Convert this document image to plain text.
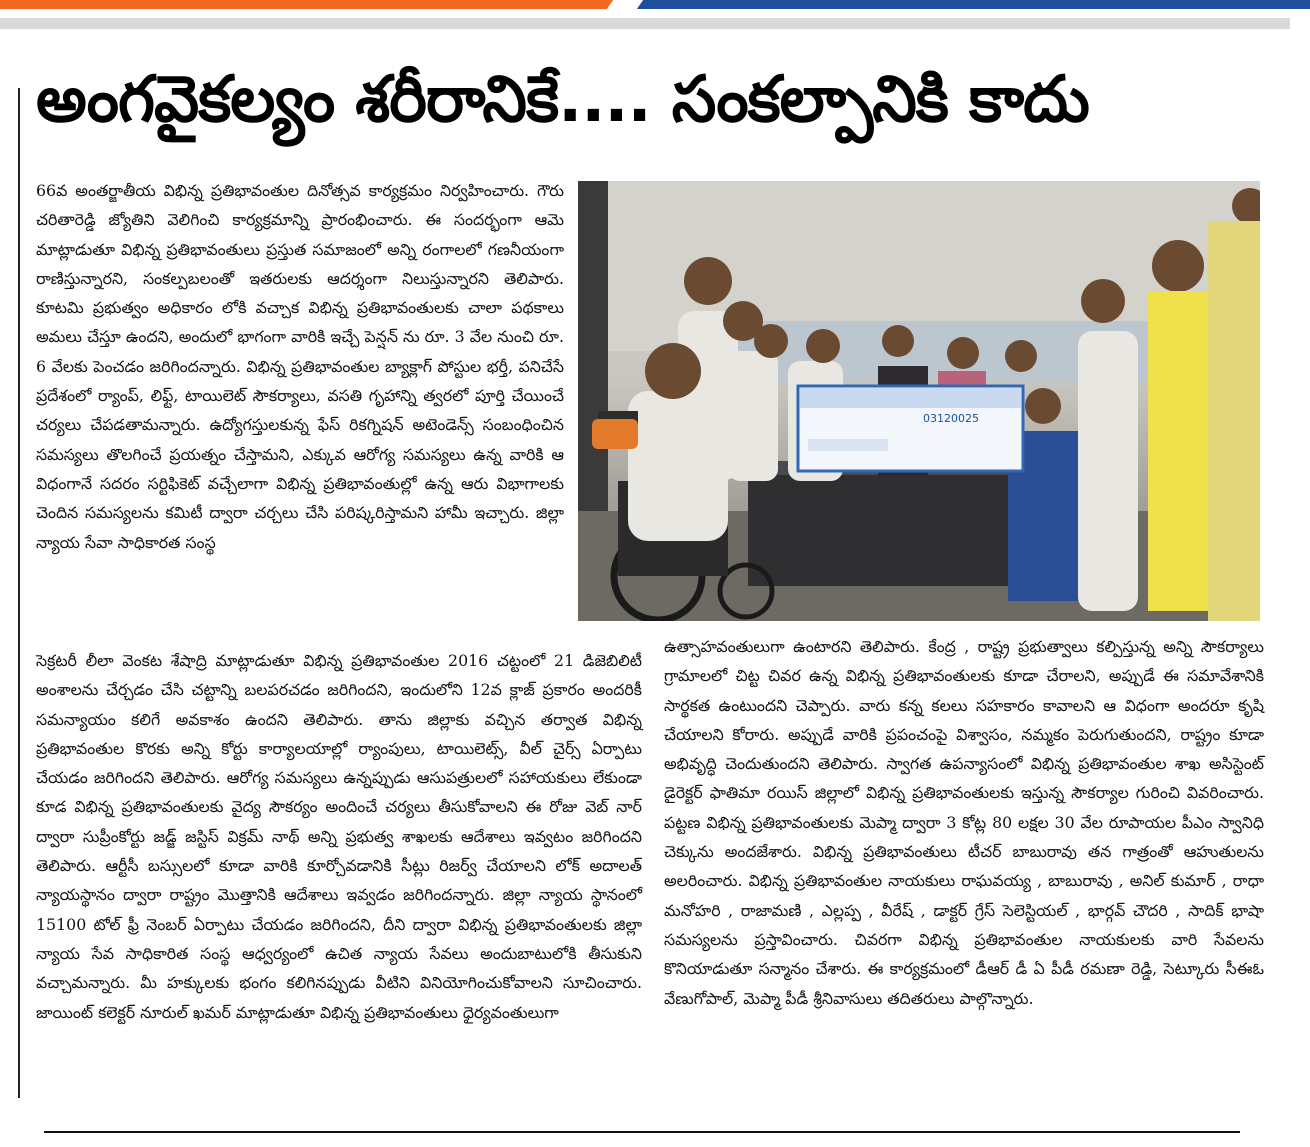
అంగవైకల్యం శరీరానికే.... సంకల్పానికి కాదు
66వ అంతర్జాతీయ విభిన్న ప్రతిభావంతుల దినోత్సవ కార్యక్రమం నిర్వహించారు. గౌరు చరితారెడ్డి జ్యోతిని వెలిగించి కార్యక్రమాన్ని ప్రారంభించారు. ఈ సందర్భంగా ఆమె మాట్లాడుతూ విభిన్న ప్రతిభావంతులు ప్రస్తుత సమాజంలో అన్ని రంగాలలో గణనీయంగా రాణిస్తున్నారని, సంకల్పబలంతో ఇతరులకు ఆదర్శంగా నిలుస్తున్నారని తెలిపారు. కూటమి ప్రభుత్వం అధికారం లోకి వచ్చాక విభిన్న ప్రతిభావంతులకు చాలా పథకాలు అమలు చేస్తూ ఉందని, అందులో భాగంగా వారికి ఇచ్చే పెన్షన్ ను రూ. 3 వేల నుంచి రూ. 6 వేలకు పెంచడం జరిగిందన్నారు. విభిన్న ప్రతిభావంతుల బ్యాక్లాగ్ పోస్టుల భర్తీ, పనిచేసే ప్రదేశంలో ర్యాంప్, లిఫ్ట్, టాయిలెట్ సౌకర్యాలు, వసతి గృహాన్ని త్వరలో పూర్తి చేయించే చర్యలు చేపడతామన్నారు. ఉద్యోగస్తులకున్న ఫేస్ రికగ్నిషన్ అటెండెన్స్ సంబంధించిన సమస్యలు తొలగించే ప్రయత్నం చేస్తామని, ఎక్కువ ఆరోగ్య సమస్యలు ఉన్న వారికి ఆ విధంగానే సదరం సర్టిఫికెట్ వచ్చేలాగా విభిన్న ప్రతిభావంతుల్లో ఉన్న ఆరు విభాగాలకు చెందిన సమస్యలను కమిటీ ద్వారా చర్చలు చేసి పరిష్కరిస్తామని హామీ ఇచ్చారు. జిల్లా న్యాయ సేవా సాధికారత సంస్థ
03120025
సెక్రటరీ లీలా వెంకట శేషాద్రి మాట్లాడుతూ విభిన్న ప్రతిభావంతుల 2016 చట్టంలో 21 డిజెబిలిటీ అంశాలను చేర్చడం చేసి చట్టాన్ని బలపరచడం జరిగిందని, ఇందులోని 12వ క్లాజ్ ప్రకారం అందరికీ సమన్యాయం కలిగే అవకాశం ఉందని తెలిపారు. తాను జిల్లాకు వచ్చిన తర్వాత విభిన్న ప్రతిభావంతుల కొరకు అన్ని కోర్టు కార్యాలయాల్లో ర్యాంపులు, టాయిలెట్స్, వీల్ చైర్స్ ఏర్పాటు చేయడం జరిగిందని తెలిపారు. ఆరోగ్య సమస్యలు ఉన్నప్పుడు ఆసుపత్రులలో సహాయకులు లేకుండా కూడ విభిన్న ప్రతిభావంతులకు వైద్య సౌకర్యం అందించే చర్యలు తీసుకోవాలని ఈ రోజు వెబ్ నార్ ద్వారా సుప్రీంకోర్టు జడ్జ్ జస్టిస్ విక్రమ్ నాథ్ అన్ని ప్రభుత్వ శాఖలకు ఆదేశాలు ఇవ్వటం జరిగిందని తెలిపారు. ఆర్టీసీ బస్సులలో కూడా వారికి కూర్చోవడానికి సీట్లు రిజర్వ్ చేయాలని లోక్ అదాలత్ న్యాయస్థానం ద్వారా రాష్ట్రం మొత్తానికి ఆదేశాలు ఇవ్వడం జరిగిందన్నారు. జిల్లా న్యాయ స్థానంలో 15100 టోల్ ఫ్రీ నెంబర్ ఏర్పాటు చేయడం జరిగిందని, దీని ద్వారా విభిన్న ప్రతిభావంతులకు జిల్లా న్యాయ సేవ సాధికారిత సంస్థ ఆధ్వర్యంలో ఉచిత న్యాయ సేవలు అందుబాటులోకి తీసుకుని వచ్చామన్నారు. మీ హక్కులకు భంగం కలిగినప్పుడు వీటిని వినియోగించుకోవాలని సూచించారు. జాయింట్ కలెక్టర్ నూరుల్ ఖమర్ మాట్లాడుతూ విభిన్న ప్రతిభావంతులు ధైర్యవంతులుగా
ఉత్సాహవంతులుగా ఉంటారని తెలిపారు. కేంద్ర , రాష్ట్ర ప్రభుత్వాలు కల్పిస్తున్న అన్ని సౌకర్యాలు గ్రామాలలో చిట్ట చివర ఉన్న విభిన్న ప్రతిభావంతులకు కూడా చేరాలని, అప్పుడే ఈ సమావేశానికి సార్థకత ఉంటుందని చెప్పారు. వారు కన్న కలలు సహకారం కావాలని ఆ విధంగా అందరూ కృషి చేయాలని కోరారు. అప్పుడే వారికి ప్రపంచంపై విశ్వాసం, నమ్మకం పెరుగుతుందని, రాష్ట్రం కూడా అభివృద్ధి చెందుతుందని తెలిపారు. స్వాగత ఉపన్యాసంలో విభిన్న ప్రతిభావంతుల శాఖ అసిస్టెంట్ డైరెక్టర్ ఫాతిమా రయిస్ జిల్లాలో విభిన్న ప్రతిభావంతులకు ఇస్తున్న సౌకర్యాల గురించి వివరించారు. పట్టణ విభిన్న ప్రతిభావంతులకు మెప్మా ద్వారా 3 కోట్ల 80 లక్షల 30 వేల రూపాయల పీఎం స్వానిధి చెక్కును అందజేశారు. విభిన్న ప్రతిభావంతులు టీచర్ బాబురావు తన గాత్రంతో ఆహుతులను అలరించారు. విభిన్న ప్రతిభావంతుల నాయకులు రాఘవయ్య , బాబురావు , అనిల్ కుమార్ , రాధా మనోహరి , రాజామణి , ఎల్లప్ప , వీరేష్ , డాక్టర్ గ్రేస్ సెలెస్టియల్ , భార్గవ్ చౌదరి , సాదిక్ భాషా సమస్యలను ప్రస్తావించారు. చివరగా విభిన్న ప్రతిభావంతుల నాయకులకు వారి సేవలను కొనియాడుతూ సన్మానం చేశారు. ఈ కార్యక్రమంలో డీఆర్ డీ ఏ పీడీ రమణా రెడ్డి, సెట్కూరు సీఈఓ వేణుగోపాల్, మెప్మా పీడీ శ్రీనివాసులు తదితరులు పాల్గొన్నారు.
